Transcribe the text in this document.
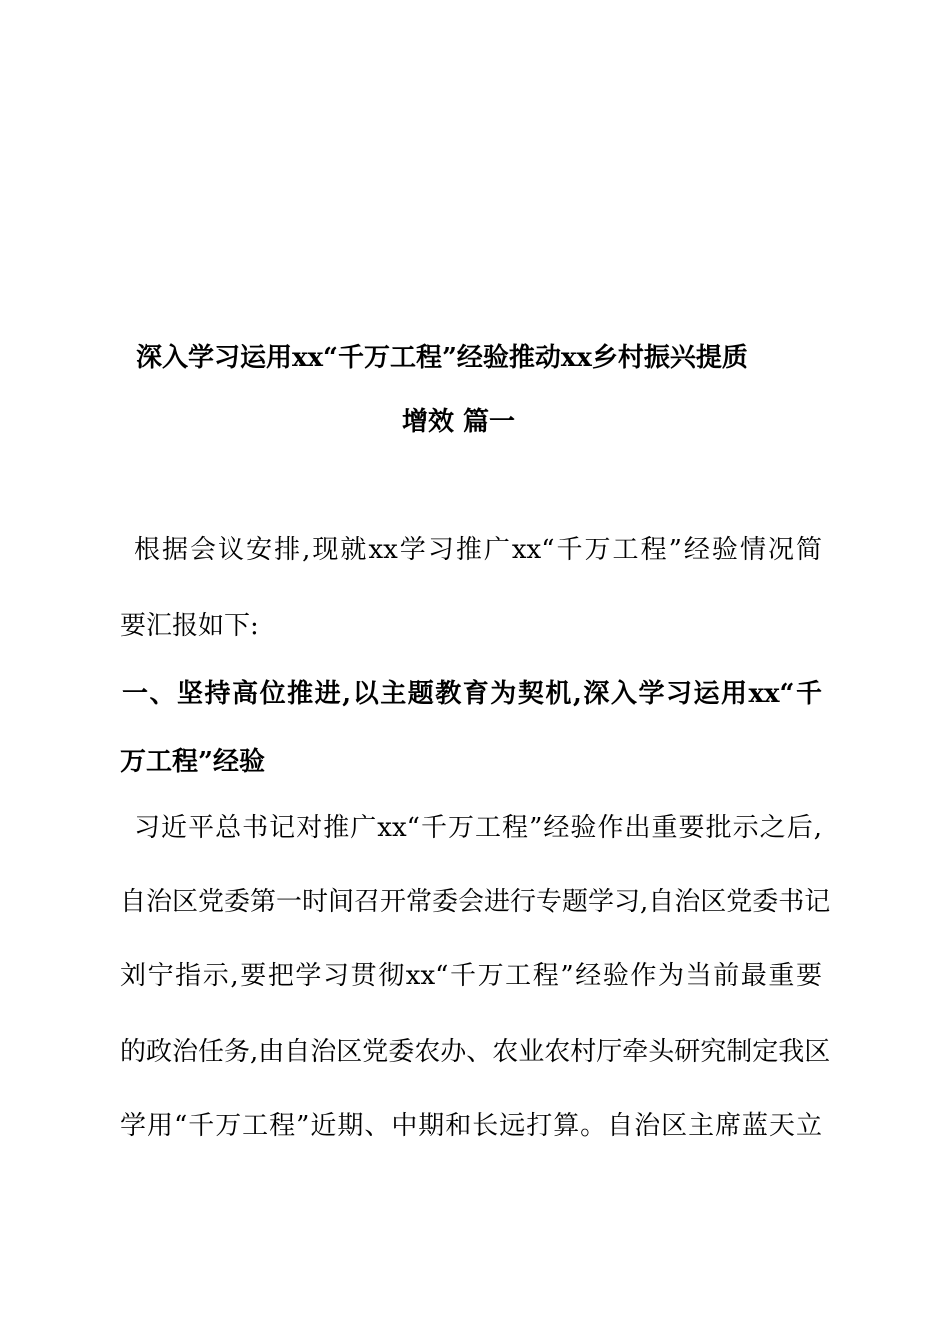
深入学习运用xx“千万工程”经验推动xx乡村振兴提质
增效 篇一
根据会议安排,现就xx学习推广xx“千万工程”经验情况简
要汇报如下:
一、坚持高位推进,以主题教育为契机,深入学习运用xx“千
万工程”经验
习近平总书记对推广xx“千万工程”经验作出重要批示之后,
自治区党委第一时间召开常委会进行专题学习,自治区党委书记
刘宁指示,要把学习贯彻xx“千万工程”经验作为当前最重要
的政治任务,由自治区党委农办、农业农村厅牵头研究制定我区
学用“千万工程”近期、中期和长远打算。自治区主席蓝天立
